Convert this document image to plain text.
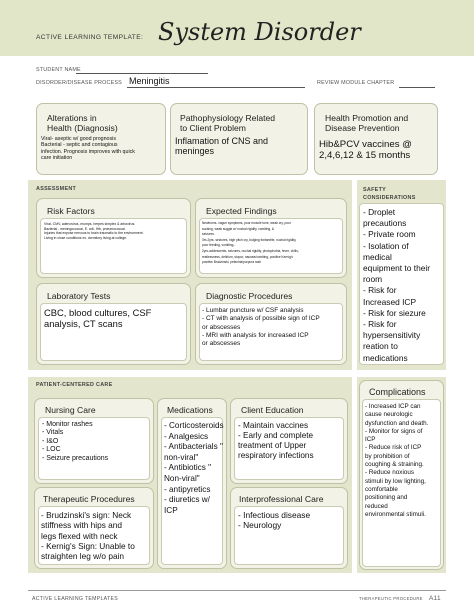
ACTIVE LEARNING TEMPLATE: System Disorder
STUDENT NAME
DISORDER/DISEASE PROCESS Meningitis	REVIEW MODULE CHAPTER
Alterations in
Health (Diagnosis)
Viral- aseptic w/ good prognosis
Bacterial - septic and contagious
infection. Prognosis improves with quick
care initiation
Pathophysiology Related
to Client Problem
Inflamation of CNS and
meninges
Health Promotion and
Disease Prevention
Hib&PCV vaccines @
2,4,6,12 & 15 months
ASSESSMENT
Risk Factors
Viral- CMV, adenovirus, mumps, herpes simplex & arbovirus.
Bacterial - meningococcal, E. coli, Hib, pneumococcal.
Injuries that expose nervous to brain traumatic to the environment.
Living in close conditions ex. dormitory living at college.
Expected Findings
Newborns- vague symptoms, poor muscle tone, weak cry, poor
sucking, weak suggle w/ nuchal rigidity, vomiting, &
seizures.
3m-2yrs- seizures, high pitch cry, bulging fontanelle, nuchal rigidity,
poor feeding, vomiting...
2yrs-adolescents- seizures, nuchal rigidity, photophobia, fever, chills,
restlessness, delirium, stupor, nausea/vomiting, positive Kernig's
positive Brudzinski, petechia/purpura rash
Laboratory Tests
CBC, blood cultures, CSF
analysis, CT scans
Diagnostic Procedures
- Lumbar puncture w/ CSF analysis
- CT with analysis of possible sign of ICP
or abscesses
- MRI with analysis for increased ICP
or abscesses
SAFETY
CONSIDERATIONS
- Droplet
precautions
- Private room
- Isolation of
medical
equipment to their
room
- Risk for
Increased ICP
- Risk for siezure
- Risk for
hypersensitivity
reation to
medications
PATIENT-CENTERED CARE
Nursing Care
- Monitor rashes
- Vitals
- I&O
- LOC
- Seizure precautions
Medications
- Corticosteroids
- Analgesics
- Antibacterials "
non-viral"
- Antibiotics "
Non-viral"
- antipyretics
- diuretics w/
ICP
Client Education
- Maintain vaccines
- Early and complete
treatment of Upper
respiratory infections
Therapeutic Procedures
- Brudzinski's sign: Neck
stiffness with hips and
legs flexed with neck
- Kernig's Sign: Unable to
straighten leg w/o pain
Interprofessional Care
- Infectious disease
- Neurology
Complications
- Increased ICP can
cause neurologic
dysfunction and death.
- Monitor for signs of
ICP
- Reduce risk of ICP
by prohibition of
coughing & straining.
- Reduce noxious
stimuli by low lighting,
comfortable
positioning and
reduced
environmental stimuli.
ACTIVE LEARNING TEMPLATES	THERAPEUTIC PROCEDURE A11
